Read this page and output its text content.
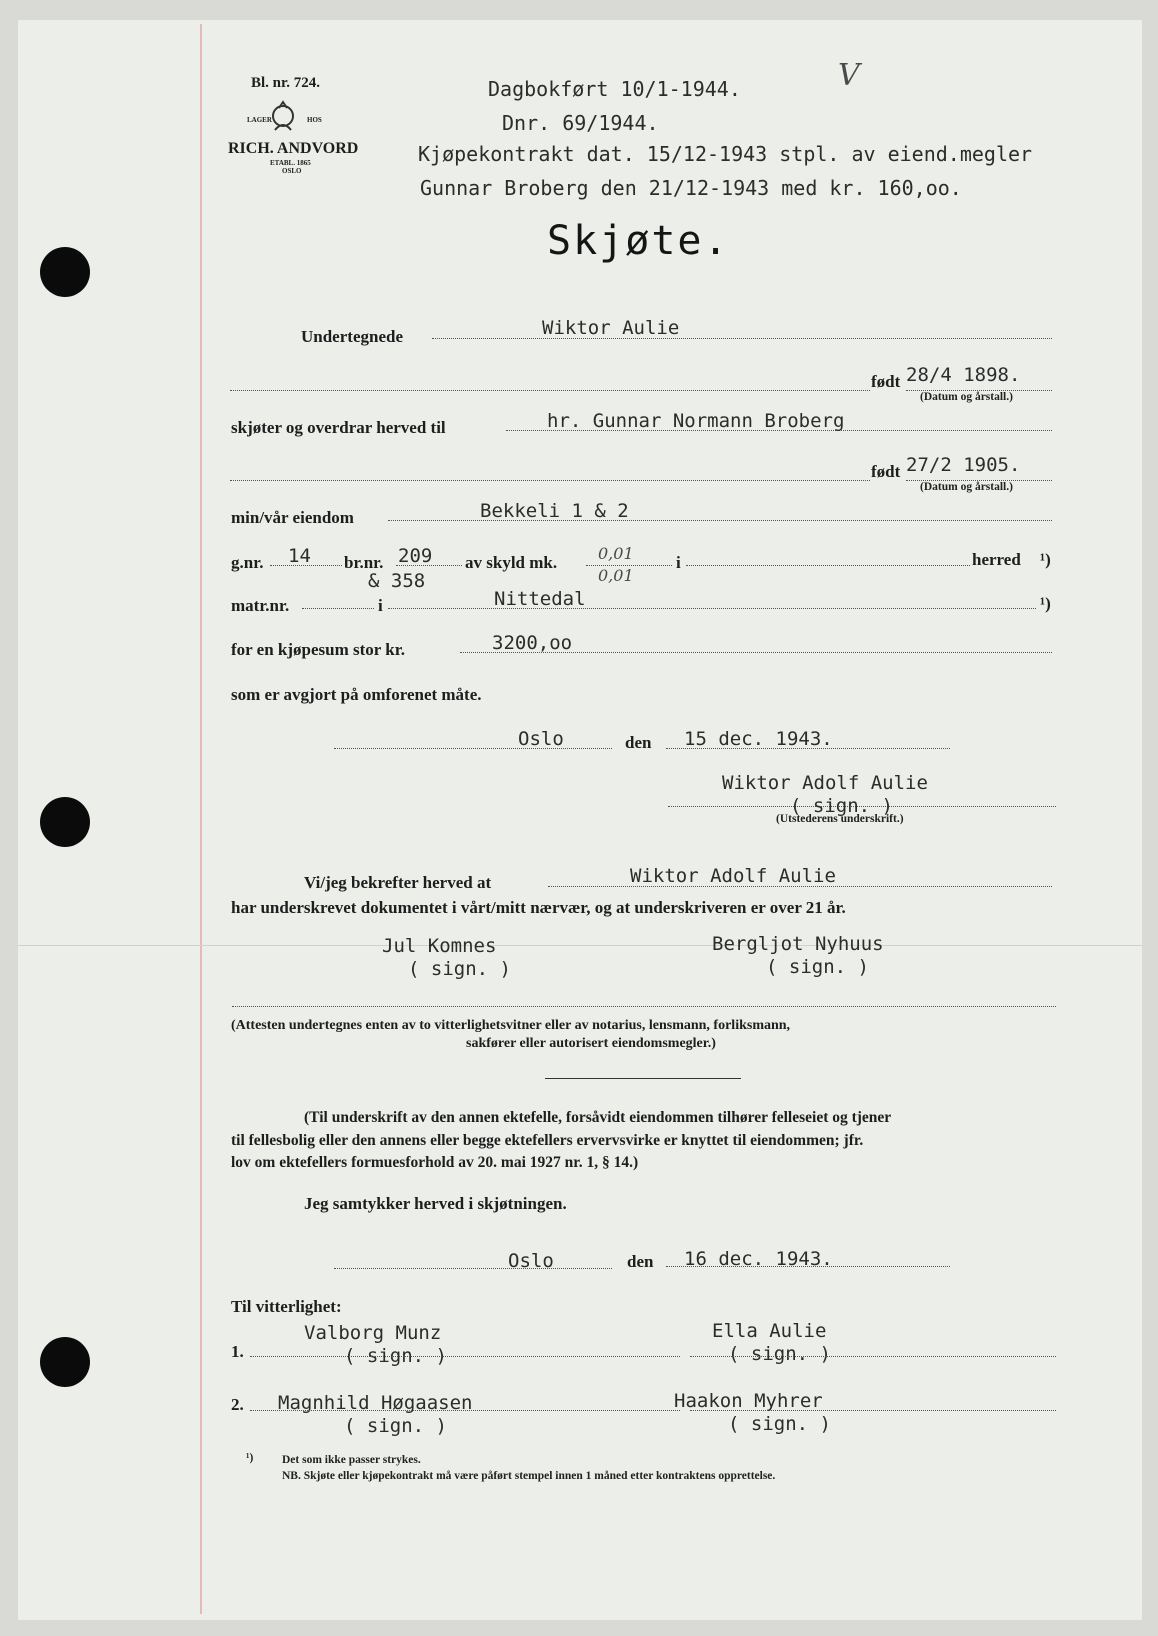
Bl. nr. 724.
LAGER	HOS
RICH. ANDVORD
ETABL. 1865
OSLO
Dagbokført 10/1-1944.	V
Dnr. 69/1944.
Kjøpekontrakt dat. 15/12-1943 stpl. av eiend.megler
Gunnar Broberg den 21/12-1943 med kr. 160,oo.
Skjøte.
Undertegnede	Wiktor Aulie
født 28/4 1898.
(Datum og årstall.)
skjøter og overdrar herved til	hr. Gunnar Normann Broberg
født 27/2 1905.
(Datum og årstall.)
min/vår eiendom	Bekkeli 1 & 2
g.nr. 14 br.nr. 209
& 358
av skyld mk.	0,01
0,01
i	herred ¹)
matr.nr.	i	Nittedal	¹)
for en kjøpesum stor kr.	3200,oo
som er avgjort på omforenet måte.
Oslo	den 15 dec. 1943.
Wiktor Adolf Aulie
( sign. )
(Utstederens underskrift.)
Vi/jeg bekrefter herved at	Wiktor Adolf Aulie
har underskrevet dokumentet i vårt/mitt nærvær, og at underskriveren er over 21 år.
Jul Komnes
( sign. )
Bergljot Nyhuus
( sign. )
(Attesten undertegnes enten av to vitterlighetsvitner eller av notarius, lensmann, forliksmann,
sakfører eller autorisert eiendomsmegler.)
(Til underskrift av den annen ektefelle, forsåvidt eiendommen tilhører felleseiet og tjener
til fellesbolig eller den annens eller begge ektefellers ervervsvirke er knyttet til eiendommen; jfr.
lov om ektefellers formuesforhold av 20. mai 1927 nr. 1, § 14.)
Jeg samtykker herved i skjøtningen.
Oslo	den 16 dec. 1943.
Til vitterlighet:
1.
Valborg Munz
( sign. )
Ella Aulie
( sign. )
2. Magnhild Høgaasen
( sign. )
Haakon Myhrer
( sign. )
¹) Det som ikke passer strykes.
NB. Skjøte eller kjøpekontrakt må være påført stempel innen 1 måned etter kontraktens opprettelse.
